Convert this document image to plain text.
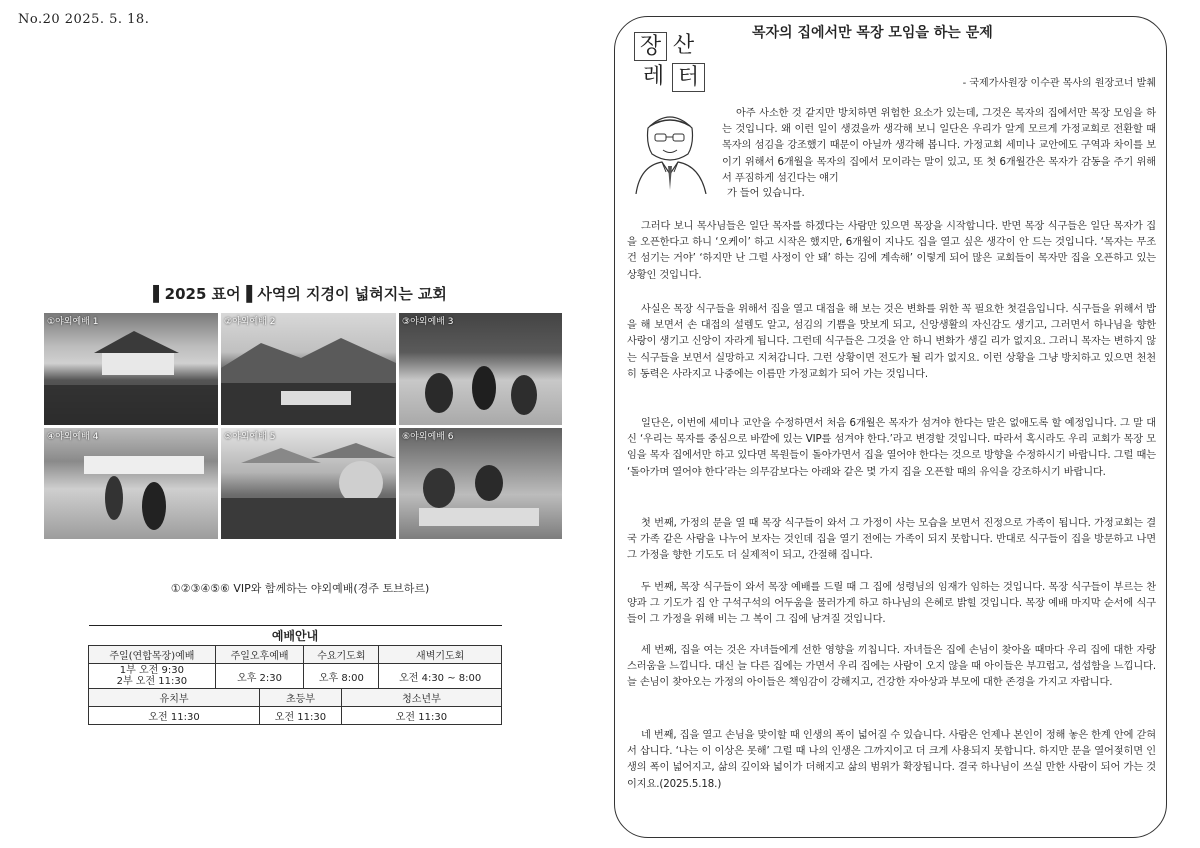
No.20 2025. 5. 18.
▌2025 표어▐ 사역의 지경이 넓혀지는 교회
①야외예배 1	②야외예배 2	③야외예배 3
④야외예배 4	⑤야외예배 5	⑥야외예배 6
①②③④⑤⑥ VIP와 함께하는 야외예배(경주 토브하르)
예배안내					
주일(연합목장)예배	주일오후예배		수요기도회		새벽기도회

1부 오전 9:30
2부 오전 11:30	오후 2:30		오후 8:00		오전 4:30 ~ 8:00
유치부		초등부		청소년부	
오전 11:30		오전 11:30		오전 11:30	
장 산
레 터
목자의 집에서만 목장 모임을 하는 문제
- 국제가사원장 이수관 목사의 원장코너 발췌
아주 사소한 것 같지만 방치하면 위험한 요소가 있는데, 그것은 목자의 집에서만 목장 모임을 하는 것입니다. 왜 이런 일이 생겼을까 생각해 보니 일단은 우리가 알게 모르게 가정교회로 전환할 때 목자의 섬김을 강조했기 때문이 아닐까 생각해 봅니다. 가정교회 세미나 교안에도 구역과 차이를 보이기 위해서 6개월을 목자의 집에서 모이라는 말이 있고, 또 첫 6개월간은 목자가 감동을 주기 위해서 푸짐하게 섬긴다는 얘기
가 들어 있습니다.
그러다 보니 목사님들은 일단 목자를 하겠다는 사람만 있으면 목장을 시작합니다. 반면 목장 식구들은 일단 목자가 집을 오픈한다고 하니 ‘오케이’ 하고 시작은 했지만, 6개월이 지나도 집을 열고 싶은 생각이 안 드는 것입니다. ‘목자는 무조건 섬기는 거야’ ‘하지만 난 그럴 사정이 안 돼’ 하는 김에 계속해’ 이렇게 되어 많은 교회들이 목자만 집을 오픈하고 있는 상황인 것입니다.
사실은 목장 식구들을 위해서 집을 열고 대접을 해 보는 것은 변화를 위한 꼭 필요한 첫걸음입니다. 식구들을 위해서 밥을 해 보면서 손 대접의 설렘도 알고, 섬김의 기쁨을 맛보게 되고, 신앙생활의 자신감도 생기고, 그러면서 하나님을 향한 사랑이 생기고 신앙이 자라게 됩니다. 그런데 식구들은 그것을 안 하니 변화가 생길 리가 없지요. 그러니 목자는 변하지 않는 식구들을 보면서 실망하고 지쳐갑니다. 그런 상황이면 전도가 될 리가 없지요. 이런 상황을 그냥 방치하고 있으면 천천히 동력은 사라지고 나중에는 이름만 가정교회가 되어 가는 것입니다.
일단은, 이번에 세미나 교안을 수정하면서 처음 6개월은 목자가 섬겨야 한다는 말은 없애도록 할 예정입니다. 그 말 대신 ‘우리는 목자를 중심으로 바깥에 있는 VIP를 섬겨야 한다.’라고 변경할 것입니다. 따라서 혹시라도 우리 교회가 목장 모임을 목자 집에서만 하고 있다면 목원들이 돌아가면서 집을 열어야 한다는 것으로 방향을 수정하시기 바랍니다. 그럴 때는 ‘돌아가며 열어야 한다’라는 의무감보다는 아래와 같은 몇 가지 집을 오픈할 때의 유익을 강조하시기 바랍니다.
첫 번째, 가정의 문을 열 때 목장 식구들이 와서 그 가정이 사는 모습을 보면서 진정으로 가족이 됩니다. 가정교회는 결국 가족 같은 사람을 나누어 보자는 것인데 집을 열기 전에는 가족이 되지 못합니다. 반대로 식구들이 집을 방문하고 나면 그 가정을 향한 기도도 더 실제적이 되고, 간절해 집니다.
두 번째, 목장 식구들이 와서 목장 예배를 드릴 때 그 집에 성령님의 임재가 임하는 것입니다. 목장 식구들이 부르는 찬양과 그 기도가 집 안 구석구석의 어두움을 물러가게 하고 하나님의 은혜로 밝힐 것입니다. 목장 예배 마지막 순서에 식구들이 그 가정을 위해 비는 그 복이 그 집에 남겨질 것입니다.
세 번째, 집을 여는 것은 자녀들에게 선한 영향을 끼칩니다. 자녀들은 집에 손님이 찾아올 때마다 우리 집에 대한 자랑스러움을 느낍니다. 대신 늘 다른 집에는 가면서 우리 집에는 사람이 오지 않을 때 아이들은 부끄럽고, 섭섭함을 느낍니다. 늘 손님이 찾아오는 가정의 아이들은 책임감이 강해지고, 건강한 자아상과 부모에 대한 존경을 가지고 자랍니다.
네 번째, 집을 열고 손님을 맞이할 때 인생의 폭이 넓어질 수 있습니다. 사람은 언제나 본인이 정해 놓은 한계 안에 갇혀서 삽니다. ‘나는 이 이상은 못해’ 그럴 때 나의 인생은 그까지이고 더 크게 사용되지 못합니다. 하지만 문을 열어젖히면 인생의 폭이 넓어지고, 삶의 깊이와 넓이가 더해지고 삶의 범위가 확장됩니다. 결국 하나님이 쓰실 만한 사람이 되어 가는 것이지요.(2025.5.18.)
